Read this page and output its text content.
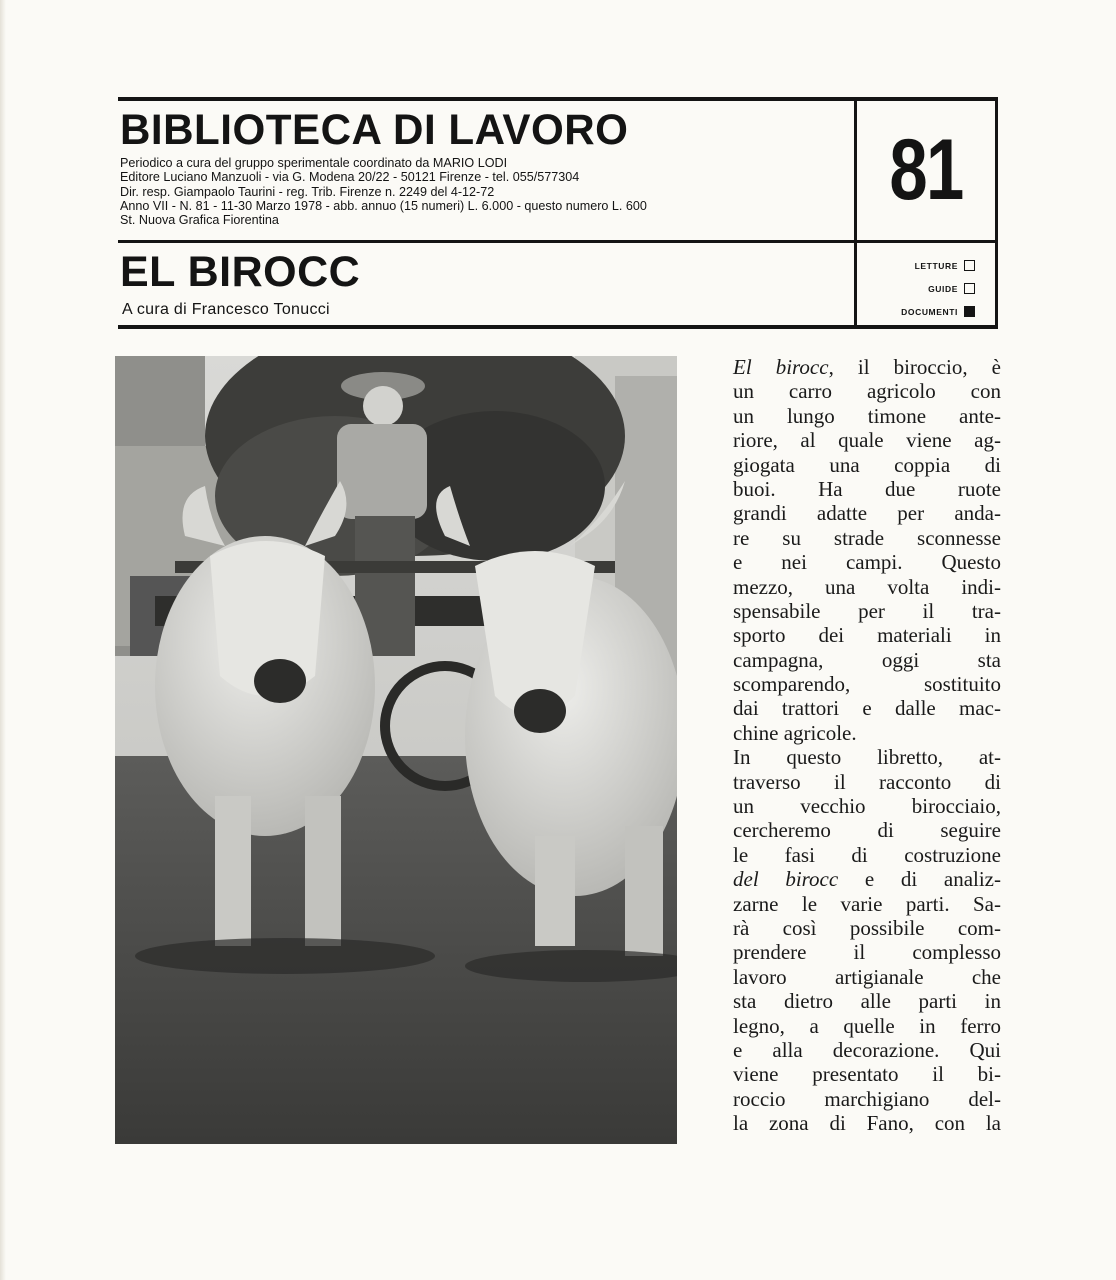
BIBLIOTECA DI LAVORO
Periodico a cura del gruppo sperimentale coordinato da MARIO LODI
Editore Luciano Manzuoli - via G. Modena 20/22 - 50121 Firenze - tel. 055/577304
Dir. resp. Giampaolo Taurini - reg. Trib. Firenze n. 2249 del 4-12-72
Anno VII - N. 81 - 11-30 Marzo 1978 - abb. annuo (15 numeri) L. 6.000 - questo numero L. 600
St. Nuova Grafica Fiorentina
81
EL BIROCC
A cura di Francesco Tonucci
LETTURE
GUIDE
DOCUMENTI
El birocc, il biroccio, è
un carro agricolo con
un lungo timone ante-
riore, al quale viene ag-
giogata una coppia di
buoi. Ha due ruote
grandi adatte per anda-
re su strade sconnesse
e nei campi. Questo
mezzo, una volta indi-
spensabile per il tra-
sporto dei materiali in
campagna, oggi sta
scomparendo, sostituito
dai trattori e dalle mac-
chine agricole.
In questo libretto, at-
traverso il racconto di
un vecchio birocciaio,
cercheremo di seguire
le fasi di costruzione
del birocc e di analiz-
zarne le varie parti. Sa-
rà così possibile com-
prendere il complesso
lavoro artigianale che
sta dietro alle parti in
legno, a quelle in ferro
e alla decorazione. Qui
viene presentato il bi-
roccio marchigiano del-
la zona di Fano, con la
